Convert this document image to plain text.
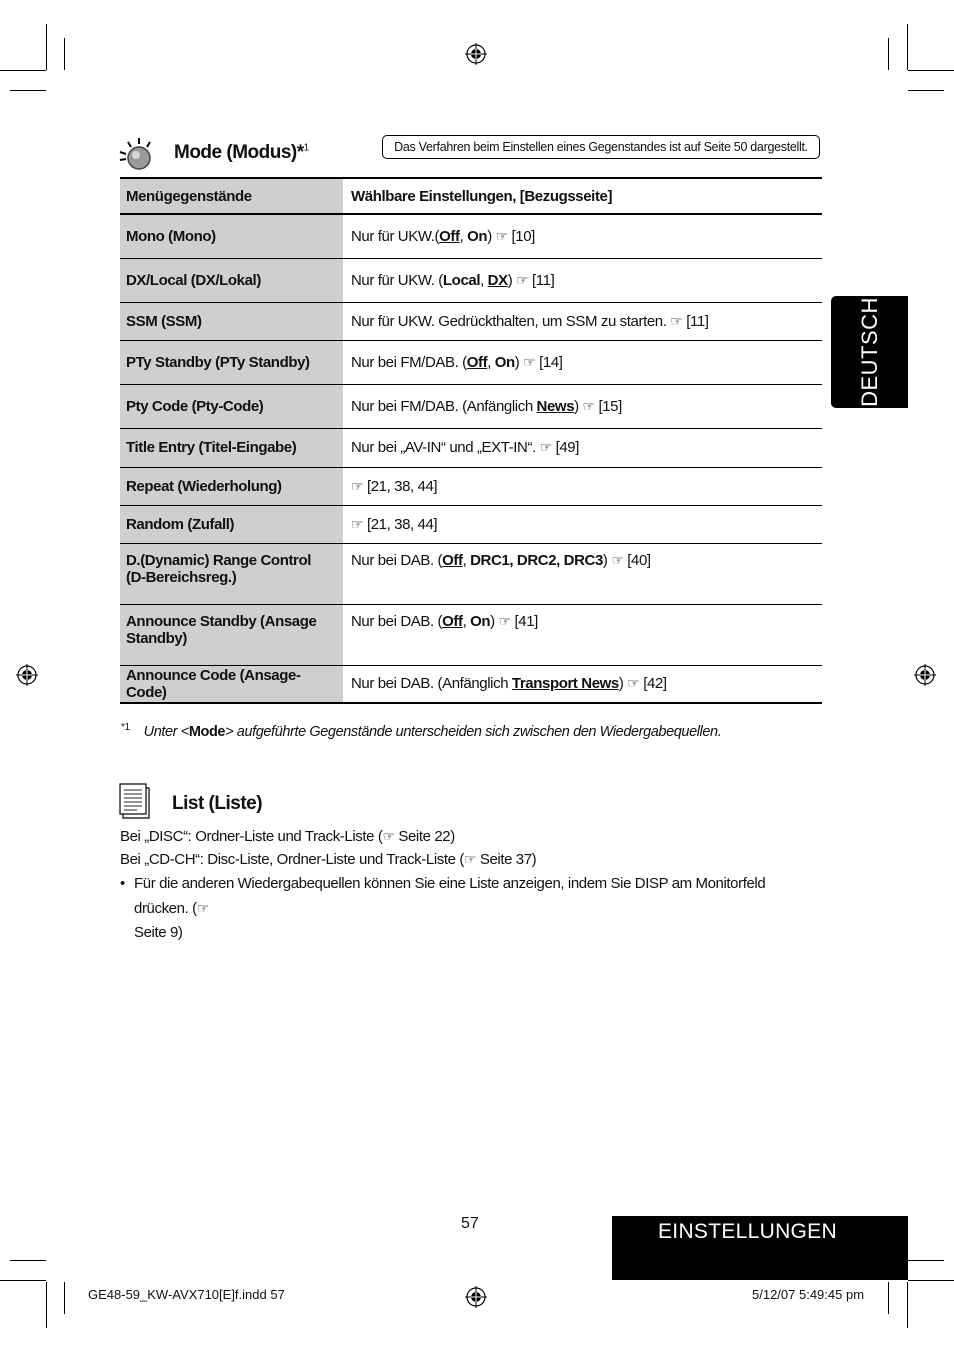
Mode (Modus)*$^1$	Das Verfahren beim Einstellen eines Gegenstandes ist auf Seite 50 dargestellt.
Menügegenstände	Wählbare Einstellungen, [Bezugsseite]
Mono (Mono)	Nur für UKW.(Off, On) ☞ [10]
DX/Local (DX/Lokal)	Nur für UKW. (Local, DX) ☞ [11]
SSM (SSM)	Nur für UKW. Gedrückthalten, um SSM zu starten. ☞ [11]
PTy Standby (PTy Standby)	Nur bei FM/DAB. (Off, On) ☞ [14]
Pty Code (Pty-Code)	Nur bei FM/DAB. (Anfänglich News) ☞ [15]
Title Entry (Titel-Eingabe)	Nur bei „AV-IN“ und „EXT-IN“. ☞ [49]
Repeat (Wiederholung)	☞ [21, 38, 44]
Random (Zufall)	☞ [21, 38, 44]
D.(Dynamic) Range Control
(D-Bereichsreg.)	Nur bei DAB. (Off, DRC1, DRC2, DRC3) ☞ [40]
Announce Standby (Ansage
Standby)	Nur bei DAB. (Off, On) ☞ [41]
Announce Code (Ansage-Code)	Nur bei DAB. (Anfänglich Transport News) ☞ [42]
$^{*1}$ Unter <Mode> aufgeführte Gegenstände unterscheiden sich zwischen den Wiedergabequellen.
List (Liste)
Bei „DISC“: Ordner-Liste und Track-Liste (☞ Seite 22)
Bei „CD-CH“: Disc-Liste, Ordner-Liste und Track-Liste (☞ Seite 37)
• Für die anderen Wiedergabequellen können Sie eine Liste anzeigen, indem Sie DISP am Monitorfeld drücken. (☞
Seite 9)
DEUTSCH
57	EINSTELLUNGEN
GE48-59_KW-AVX710[E]f.indd 57	5/12/07 5:49:45 pm
